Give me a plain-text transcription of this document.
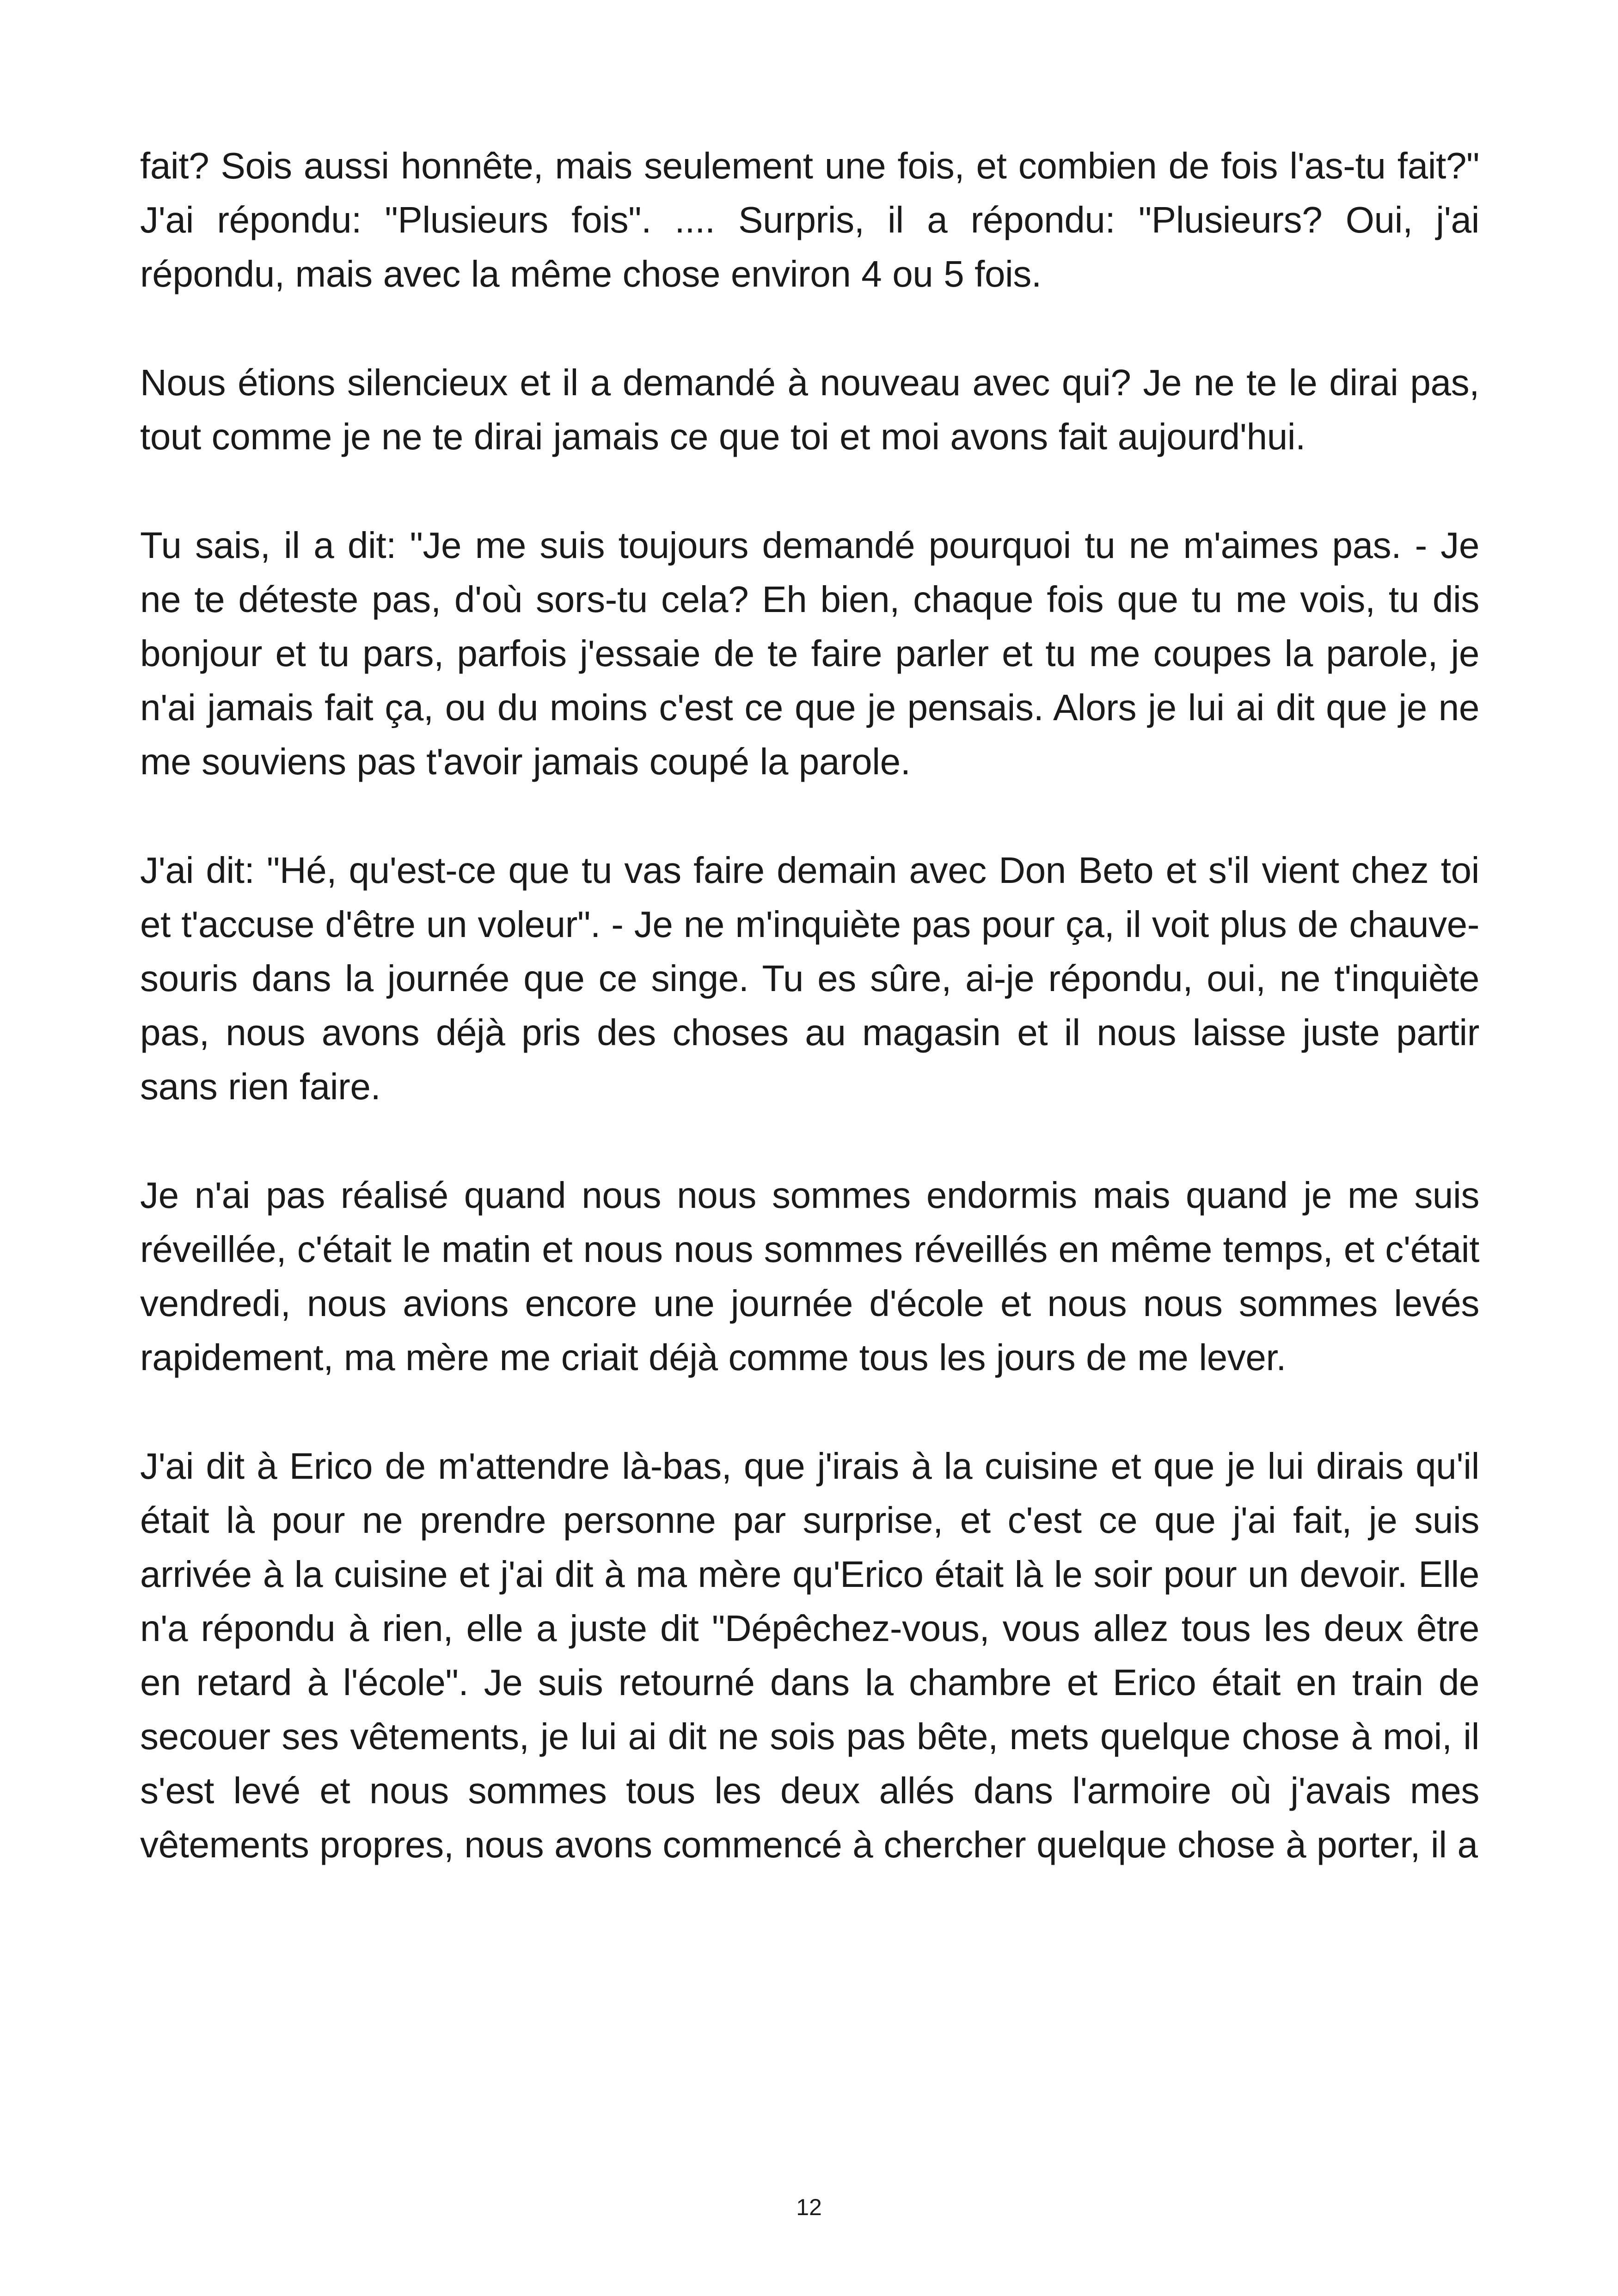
fait? Sois aussi honnête, mais seulement une fois, et combien de fois l'as-tu fait?" J'ai répondu: "Plusieurs fois". .... Surpris, il a répondu: "Plusieurs? Oui, j'ai répondu, mais avec la même chose environ 4 ou 5 fois.

Nous étions silencieux et il a demandé à nouveau avec qui? Je ne te le dirai pas, tout comme je ne te dirai jamais ce que toi et moi avons fait aujourd'hui.

Tu sais, il a dit: "Je me suis toujours demandé pourquoi tu ne m'aimes pas. - Je ne te déteste pas, d'où sors-tu cela? Eh bien, chaque fois que tu me vois, tu dis bonjour et tu pars, parfois j'essaie de te faire parler et tu me coupes la parole, je n'ai jamais fait ça, ou du moins c'est ce que je pensais. Alors je lui ai dit que je ne me souviens pas t'avoir jamais coupé la parole.

J'ai dit: "Hé, qu'est-ce que tu vas faire demain avec Don Beto et s'il vient chez toi et t'accuse d'être un voleur". - Je ne m'inquiète pas pour ça, il voit plus de chauve-souris dans la journée que ce singe. Tu es sûre, ai-je répondu, oui, ne t'inquiète pas, nous avons déjà pris des choses au magasin et il nous laisse juste partir sans rien faire.

Je n'ai pas réalisé quand nous nous sommes endormis mais quand je me suis réveillée, c'était le matin et nous nous sommes réveillés en même temps, et c'était vendredi, nous avions encore une journée d'école et nous nous sommes levés rapidement, ma mère me criait déjà comme tous les jours de me lever.

J'ai dit à Erico de m'attendre là-bas, que j'irais à la cuisine et que je lui dirais qu'il était là pour ne prendre personne par surprise, et c'est ce que j'ai fait, je suis arrivée à la cuisine et j'ai dit à ma mère qu'Erico était là le soir pour un devoir. Elle n'a répondu à rien, elle a juste dit "Dépêchez-vous, vous allez tous les deux être en retard à l'école". Je suis retourné dans la chambre et Erico était en train de secouer ses vêtements, je lui ai dit ne sois pas bête, mets quelque chose à moi, il s'est levé et nous sommes tous les deux allés dans l'armoire où j'avais mes vêtements propres, nous avons commencé à chercher quelque chose à porter, il a

12
